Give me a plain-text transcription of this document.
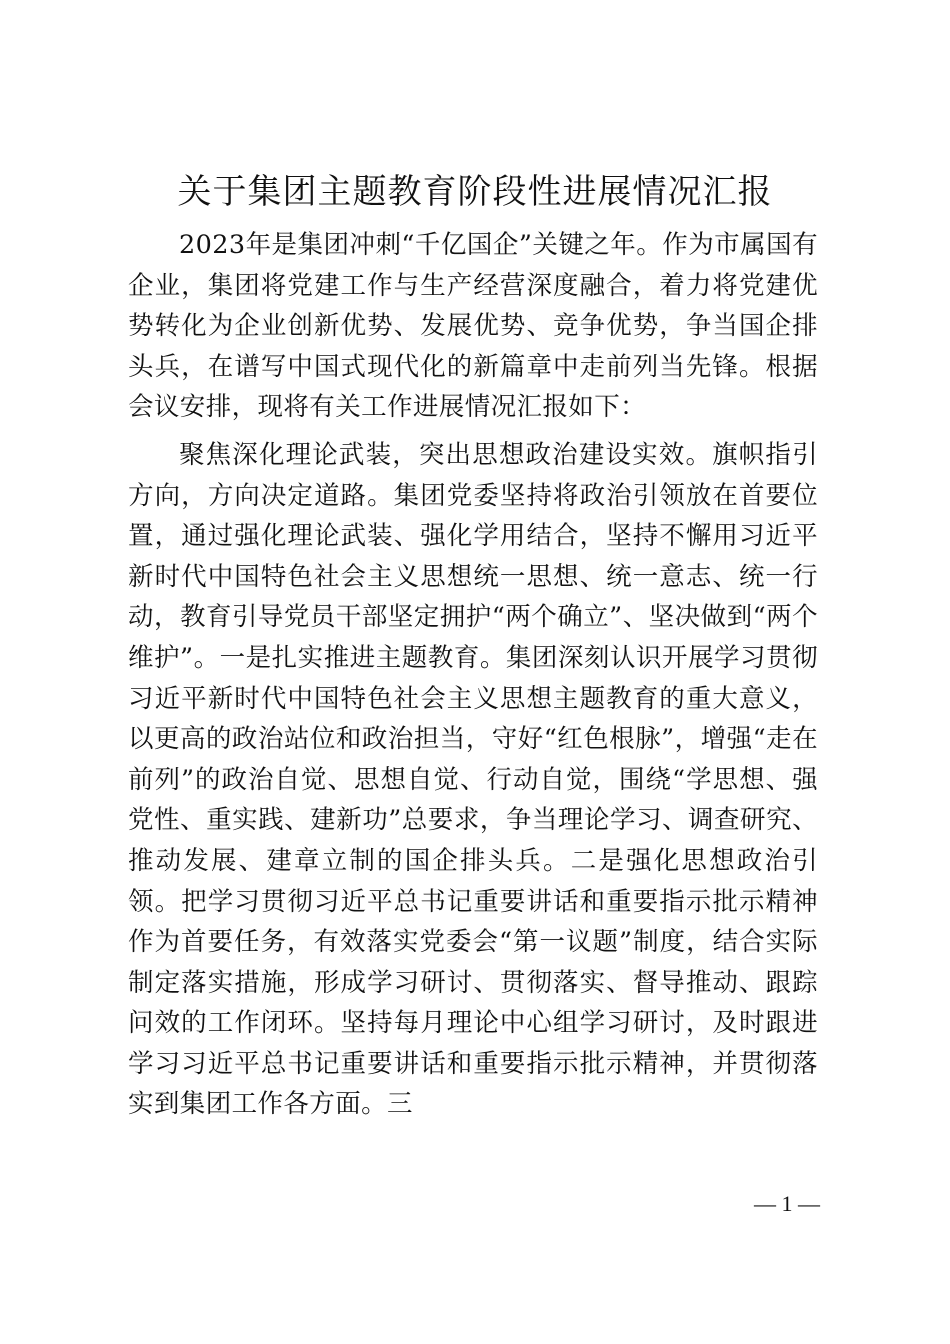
关于集团主题教育阶段性进展情况汇报

2023年是集团冲刺“千亿国企”关键之年。作为市属国有企业，集团将党建工作与生产经营深度融合，着力将党建优势转化为企业创新优势、发展优势、竞争优势，争当国企排头兵，在谱写中国式现代化的新篇章中走前列当先锋。根据会议安排，现将有关工作进展情况汇报如下：

聚焦深化理论武装，突出思想政治建设实效。旗帜指引方向，方向决定道路。集团党委坚持将政治引领放在首要位置，通过强化理论武装、强化学用结合，坚持不懈用习近平新时代中国特色社会主义思想统一思想、统一意志、统一行动，教育引导党员干部坚定拥护“两个确立”、坚决做到“两个维护”。一是扎实推进主题教育。集团深刻认识开展学习贯彻习近平新时代中国特色社会主义思想主题教育的重大意义，以更高的政治站位和政治担当，守好“红色根脉”，增强“走在前列”的政治自觉、思想自觉、行动自觉，围绕“学思想、强党性、重实践、建新功”总要求，争当理论学习、调查研究、推动发展、建章立制的国企排头兵。二是强化思想政治引领。把学习贯彻习近平总书记重要讲话和重要指示批示精神作为首要任务，有效落实党委会“第一议题”制度，结合实际制定落实措施，形成学习研讨、贯彻落实、督导推动、跟踪问效的工作闭环。坚持每月理论中心组学习研讨，及时跟进学习习近平总书记重要讲话和重要指示批示精神，并贯彻落实到集团工作各方面。三

— 1 —
